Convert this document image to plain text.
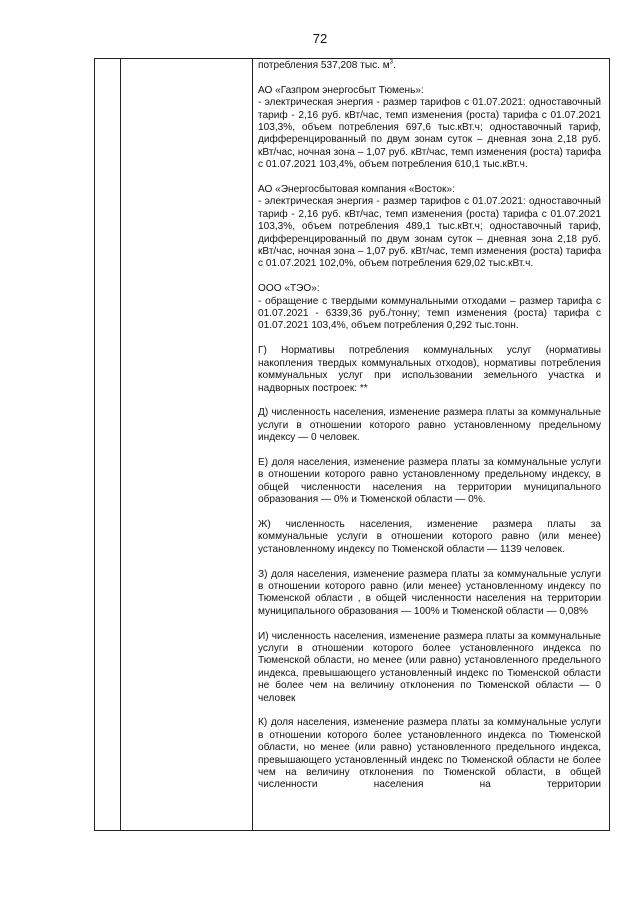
72

потребления 537,208 тыс. $м^3$.

АО «Газпром энергосбыт Тюмень»:

- электрическая энергия - размер тарифов с 01.07.2021: одноставочный тариф - 2,16 руб. кВт/час, темп изменения (роста) тарифа с 01.07.2021 103,3%, объем потребления 697,6 тыс.кВт.ч; одноставочный тариф, дифференцированный по двум зонам суток – дневная зона 2,18 руб. кВт/час, ночная зона – 1,07 руб. кВт/час, темп изменения (роста) тарифа с 01.07.2021 103,4%, объем потребления 610,1 тыс.кВт.ч.

АО «Энергосбытовая компания «Восток»:

- электрическая энергия - размер тарифов с 01.07.2021: одноставочный тариф - 2,16 руб. кВт/час, темп изменения (роста) тарифа с 01.07.2021 103,3%, объем потребления 489,1 тыс.кВт.ч; одноставочный тариф, дифференцированный по двум зонам суток – дневная зона 2,18 руб. кВт/час, ночная зона – 1,07 руб. кВт/час, темп изменения (роста) тарифа с 01.07.2021 102,0%, объем потребления 629,02 тыс.кВт.ч.

ООО «ТЭО»:

- обращение с твердыми коммунальными отходами – размер тарифа с 01.07.2021 - 6339,36 руб./тонну; темп изменения (роста) тарифа с 01.07.2021 103,4%, объем потребления 0,292 тыс.тонн.

Г) Нормативы потребления коммунальных услуг (нормативы накопления твердых коммунальных отходов), нормативы потребления коммунальных услуг при использовании земельного участка и надворных построек: **

Д) численность населения, изменение размера платы за коммунальные услуги в отношении которого равно установленному предельному индексу — 0 человек.

Е) доля населения, изменение размера платы за коммунальные услуги в отношении которого равно установленному предельному индексу, в общей численности населения на территории муниципального образования — 0% и Тюменской области — 0%.

Ж) численность населения, изменение размера платы за коммунальные услуги в отношении которого равно (или менее) установленному индексу по Тюменской области — 1139 человек.

З) доля населения, изменение размера платы за коммунальные услуги в отношении которого равно (или менее) установленному индексу по Тюменской области , в общей численности населения на территории муниципального образования — 100% и Тюменской области — 0,08%

И) численность населения, изменение размера платы за коммунальные услуги в отношении которого более установленного индекса по Тюменской области, но менее (или равно) установленного предельного индекса, превышающего установленный индекс по Тюменской области не более чем на величину отклонения по Тюменской области — 0 человек

К) доля населения, изменение размера платы за коммунальные услуги в отношении которого более установленного индекса по Тюменской области, но менее (или равно) установленного предельного индекса, превышающего установленный индекс по Тюменской области не более чем на величину отклонения по Тюменской области, в общей численности населения на территории
